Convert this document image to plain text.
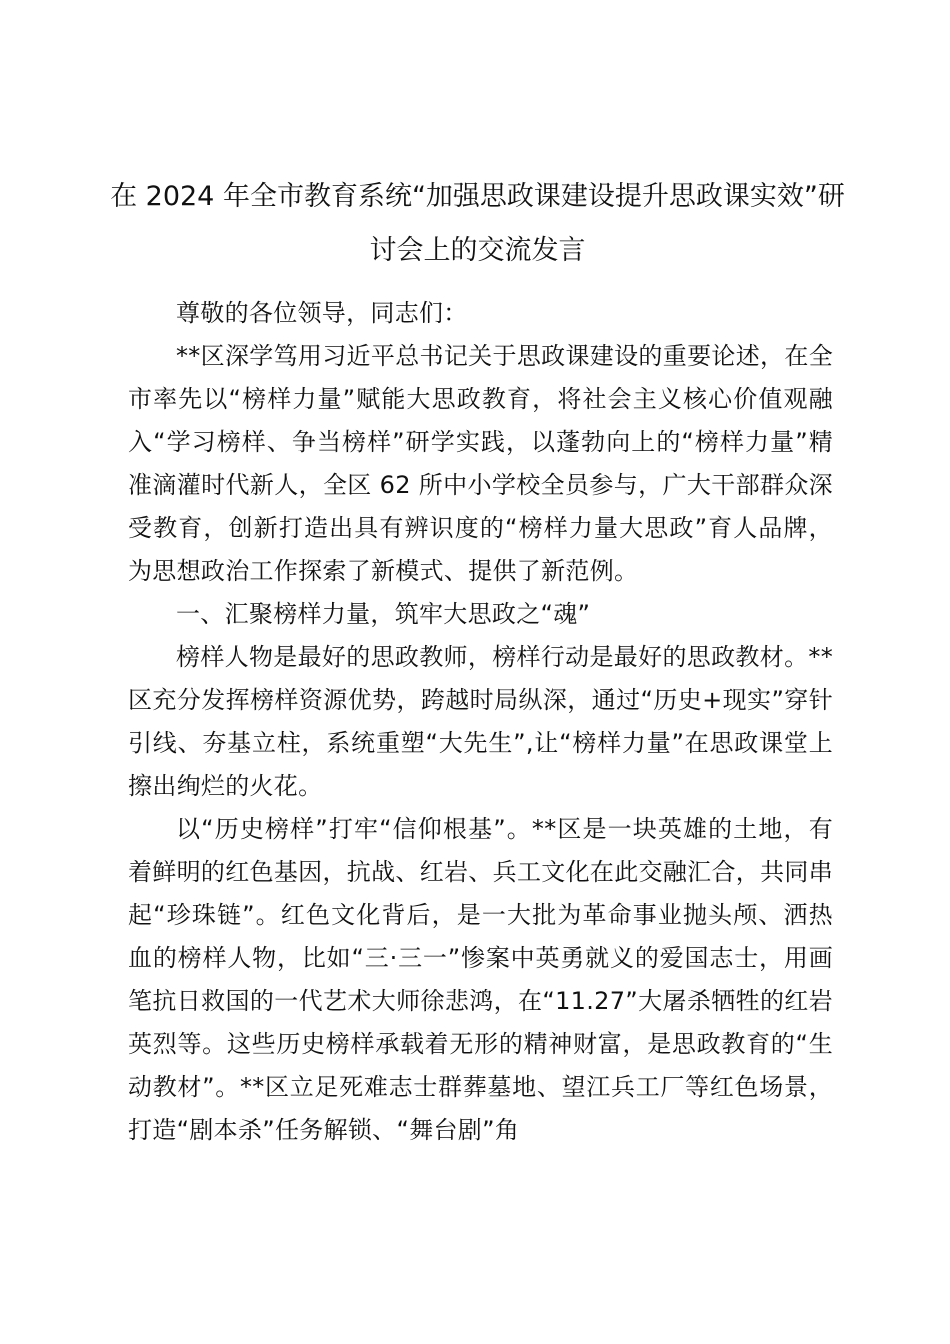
在 2024 年全市教育系统“加强思政课建设提升思政课实效”研讨会上的交流发言

尊敬的各位领导，同志们：

**区深学笃用习近平总书记关于思政课建设的重要论述，在全市率先以“榜样力量”赋能大思政教育，将社会主义核心价值观融入“学习榜样、争当榜样”研学实践，以蓬勃向上的“榜样力量”精准滴灌时代新人，全区 62 所中小学校全员参与，广大干部群众深受教育，创新打造出具有辨识度的“榜样力量大思政”育人品牌，为思想政治工作探索了新模式、提供了新范例。

一、汇聚榜样力量，筑牢大思政之“魂”

榜样人物是最好的思政教师，榜样行动是最好的思政教材。**区充分发挥榜样资源优势，跨越时局纵深，通过“历史+现实”穿针引线、夯基立柱，系统重塑“大先生”,让“榜样力量”在思政课堂上擦出绚烂的火花。

以“历史榜样”打牢“信仰根基”。**区是一块英雄的土地，有着鲜明的红色基因，抗战、红岩、兵工文化在此交融汇合，共同串起“珍珠链”。红色文化背后，是一大批为革命事业抛头颅、洒热血的榜样人物，比如“三·三一”惨案中英勇就义的爱国志士，用画笔抗日救国的一代艺术大师徐悲鸿，在“11.27”大屠杀牺牲的红岩英烈等。这些历史榜样承载着无形的精神财富，是思政教育的“生动教材”。**区立足死难志士群葬墓地、望江兵工厂等红色场景，打造“剧本杀”任务解锁、“舞台剧”角
